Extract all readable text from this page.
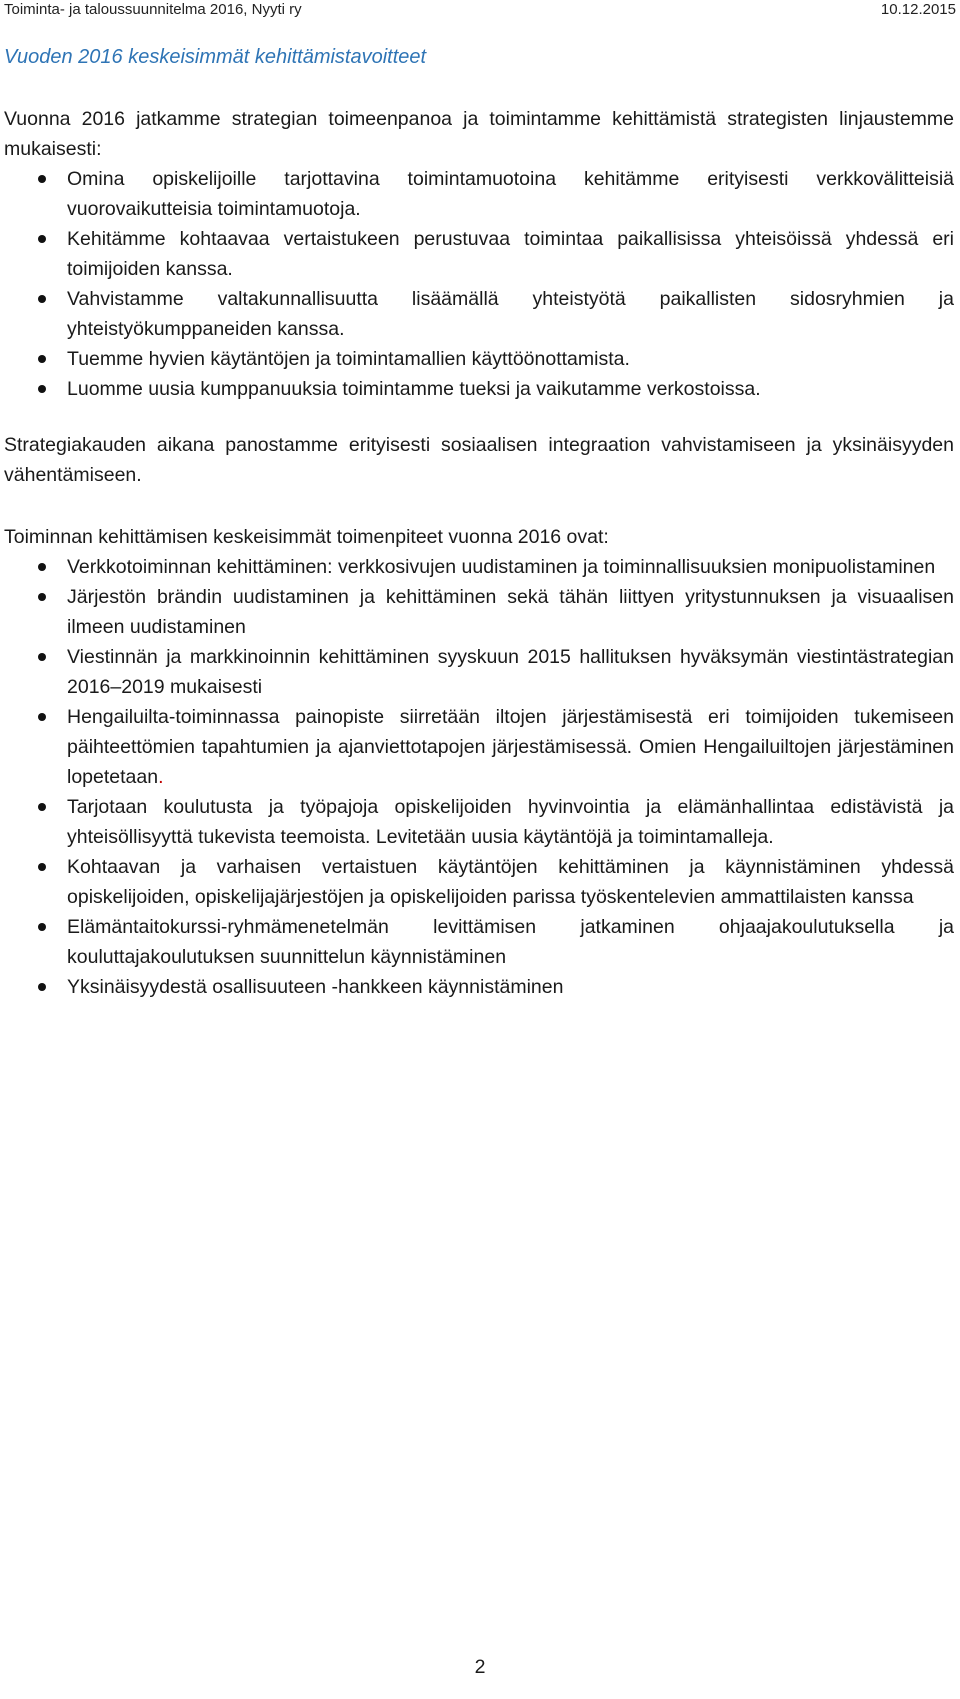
Toiminta- ja taloussuunnitelma 2016, Nyyti ry	10.12.2015
Vuoden 2016 keskeisimmät kehittämistavoitteet

Vuonna 2016 jatkamme strategian toimeenpanoa ja toimintamme kehittämistä strategisten linjaustemme mukaisesti:

Omina opiskelijoille tarjottavina toimintamuotoina kehitämme erityisesti verkkovälitteisiä vuorovaikutteisia toimintamuotoja.
Kehitämme kohtaavaa vertaistukeen perustuvaa toimintaa paikallisissa yhteisöissä yhdessä eri toimijoiden kanssa.
Vahvistamme valtakunnallisuutta lisäämällä yhteistyötä paikallisten sidosryhmien ja yhteistyökumppaneiden kanssa.
Tuemme hyvien käytäntöjen ja toimintamallien käyttöönottamista.
Luomme uusia kumppanuuksia toimintamme tueksi ja vaikutamme verkostoissa.

Strategiakauden aikana panostamme erityisesti sosiaalisen integraation vahvistamiseen ja yksinäisyyden vähentämiseen.

Toiminnan kehittämisen keskeisimmät toimenpiteet vuonna 2016 ovat:

Verkkotoiminnan kehittäminen: verkkosivujen uudistaminen ja toiminnallisuuksien monipuolistaminen
Järjestön brändin uudistaminen ja kehittäminen sekä tähän liittyen yritystunnuksen ja visuaalisen ilmeen uudistaminen
Viestinnän ja markkinoinnin kehittäminen syyskuun 2015 hallituksen hyväksymän viestintästrategian 2016–2019 mukaisesti
Hengailuilta-toiminnassa painopiste siirretään iltojen järjestämisestä eri toimijoiden tukemiseen päihteettömien tapahtumien ja ajanviettotapojen järjestämisessä. Omien Hengailuiltojen järjestäminen lopetetaan.
Tarjotaan koulutusta ja työpajoja opiskelijoiden hyvinvointia ja elämänhallintaa edistävistä ja yhteisöllisyyttä tukevista teemoista. Levitetään uusia käytäntöjä ja toimintamalleja.
Kohtaavan ja varhaisen vertaistuen käytäntöjen kehittäminen ja käynnistäminen yhdessä opiskelijoiden, opiskelijajärjestöjen ja opiskelijoiden parissa työskentelevien ammattilaisten kanssa
Elämäntaitokurssi-ryhmämenetelmän levittämisen jatkaminen ohjaajakoulutuksella ja kouluttajakoulutuksen suunnittelun käynnistäminen
Yksinäisyydestä osallisuuteen -hankkeen käynnistäminen
2
